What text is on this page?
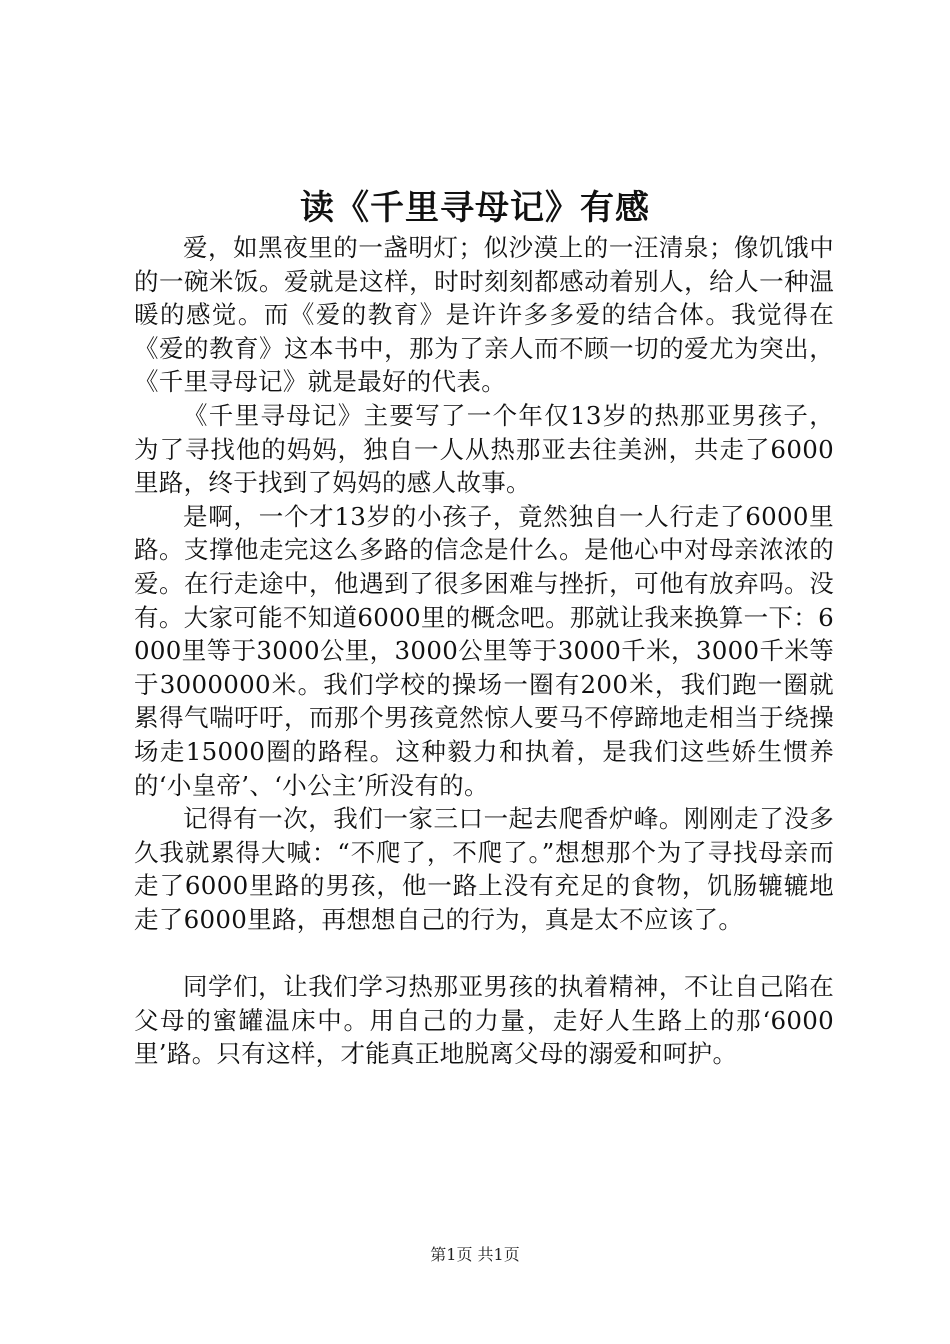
读《千里寻母记》有感

爱，如黑夜里的一盏明灯；似沙漠上的一汪清泉；像饥饿中的一碗米饭。爱就是这样，时时刻刻都感动着别人，给人一种温暖的感觉。而《爱的教育》是许许多多爱的结合体。我觉得在《爱的教育》这本书中，那为了亲人而不顾一切的爱尤为突出，《千里寻母记》就是最好的代表。

《千里寻母记》主要写了一个年仅13岁的热那亚男孩子，为了寻找他的妈妈，独自一人从热那亚去往美洲，共走了6000里路，终于找到了妈妈的感人故事。

是啊，一个才13岁的小孩子，竟然独自一人行走了6000里路。支撑他走完这么多路的信念是什么。是他心中对母亲浓浓的爱。在行走途中，他遇到了很多困难与挫折，可他有放弃吗。没有。大家可能不知道6000里的概念吧。那就让我来换算一下：6000里等于3000公里，3000公里等于3000千米，3000千米等于3000000米。我们学校的操场一圈有200米，我们跑一圈就累得气喘吁吁，而那个男孩竟然惊人要马不停蹄地走相当于绕操场走15000圈的路程。这种毅力和执着，是我们这些娇生惯养的‘小皇帝’、‘小公主’所没有的。

记得有一次，我们一家三口一起去爬香炉峰。刚刚走了没多久我就累得大喊：“不爬了，不爬了。”想想那个为了寻找母亲而走了6000里路的男孩，他一路上没有充足的食物，饥肠辘辘地走了6000里路，再想想自己的行为，真是太不应该了。

同学们，让我们学习热那亚男孩的执着精神，不让自己陷在父母的蜜罐温床中。用自己的力量，走好人生路上的那‘6000里’路。只有这样，才能真正地脱离父母的溺爱和呵护。

第1页 共1页
